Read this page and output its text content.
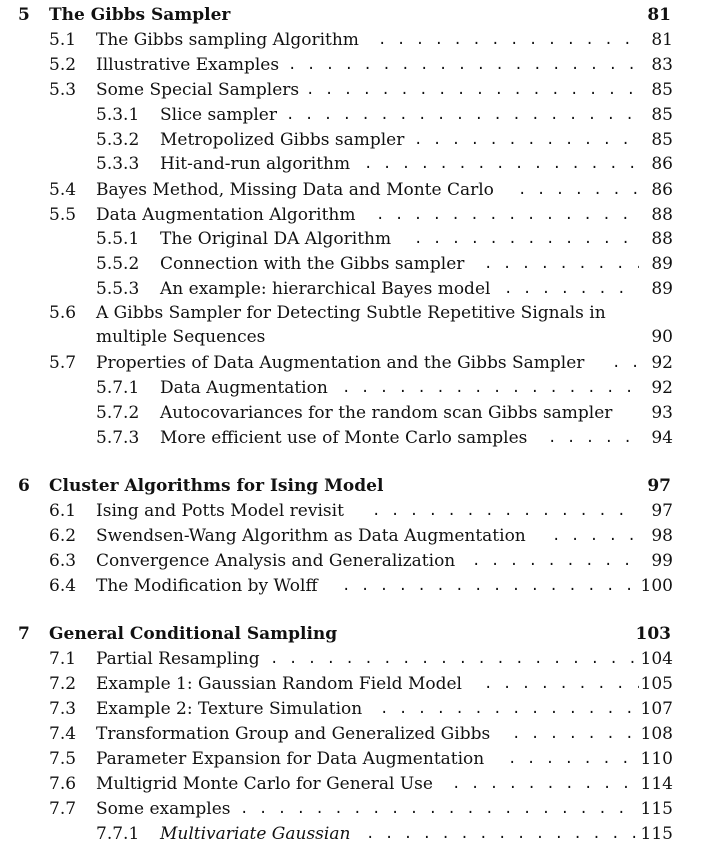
5 The Gibbs Sampler	81
5.1 The Gibbs sampling Algorithm . . .	81
5.2 Illustrative Examples . . .	83
5.3 Some Special Samplers . . .	85
5.3.1 Slice sampler . . .	85
5.3.2 Metropolized Gibbs sampler . . .	85
5.3.3 Hit-and-run algorithm . . .	86
5.4 Bayes Method, Missing Data and Monte Carlo . . .	86
5.5 Data Augmentation Algorithm . . .	88
5.5.1 The Original DA Algorithm . . .	88
5.5.2 Connection with the Gibbs sampler . . .	89
5.5.3 An example: hierarchical Bayes model . . .	89
5.6 A Gibbs Sampler for Detecting Subtle Repetitive Signals in
multiple Sequences	90
5.7 Properties of Data Augmentation and the Gibbs Sampler . . .	92
5.7.1 Data Augmentation . . .	92
5.7.2 Autocovariances for the random scan Gibbs sampler 93
5.7.3 More efficient use of Monte Carlo samples . . .	94
6 Cluster Algorithms for Ising Model	97
6.1 Ising and Potts Model revisit . . .	97
6.2 Swendsen-Wang Algorithm as Data Augmentation . . .	98
6.3 Convergence Analysis and Generalization . . .	99
6.4 The Modification by Wolff . . .	100
7 General Conditional Sampling	103
7.1 Partial Resampling . . .	104
7.2 Example 1: Gaussian Random Field Model . . .	105
7.3 Example 2: Texture Simulation . . .	107
7.4 Transformation Group and Generalized Gibbs . . .	108
7.5 Parameter Expansion for Data Augmentation . . .	110
7.6 Multigrid Monte Carlo for General Use . . .	114
7.7 Some examples . . .	115
7.7.1 Multivariate Gaussian . . .	115
